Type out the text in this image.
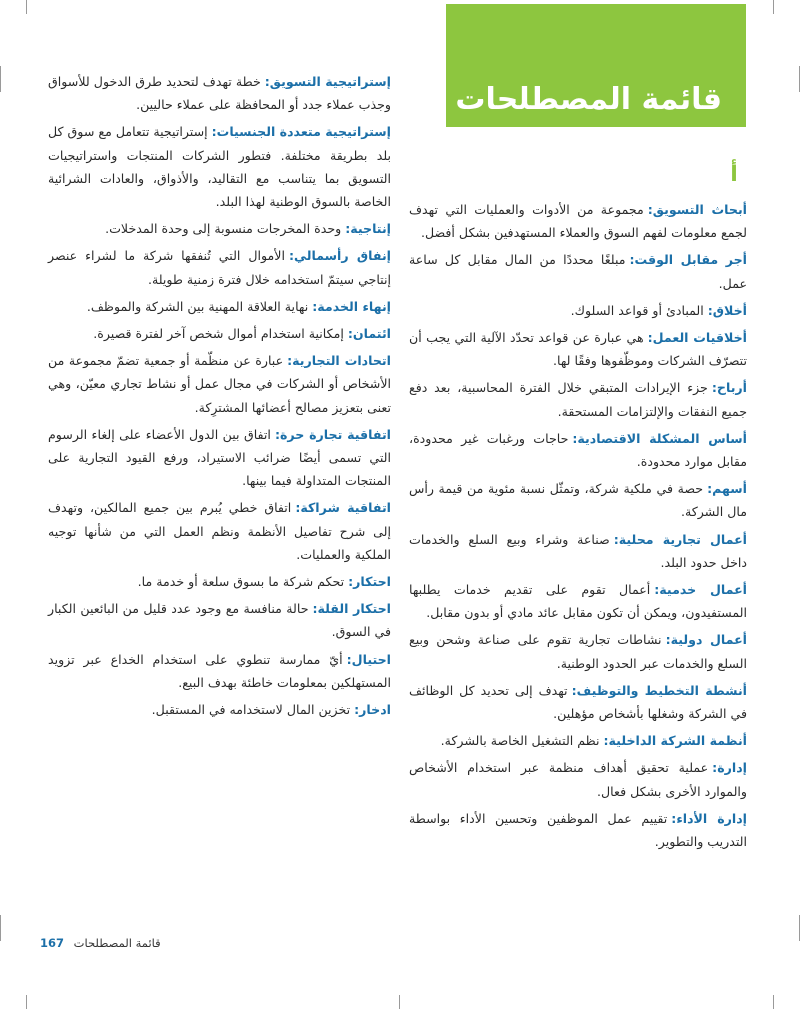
قائمة المصطلحات
أ
أبحاث التسويق:مجموعة من الأدوات والعمليات التي تهدف لجمع معلومات لفهم السوق والعملاء المستهدفين بشكل أفضل.
أجر مقابل الوقت:مبلغًا محددًا من المال مقابل كل ساعة عمل.
أخلاق:المبادئ أو قواعد السلوك.
أخلاقيات العمل:هي عبارة عن قواعد تحدّد الآلية التي يجب أن تتصرّف الشركات وموظّفوها وفقًا لها.
أرباح:جزء الإيرادات المتبقي خلال الفترة المحاسبية، بعد دفع جميع النفقات والإلتزامات المستحقة.
أساس المشكلة الاقتصادية:حاجات ورغبات غير محدودة، مقابل موارد محدودة.
أسهم:حصة في ملكية شركة، وتمثّل نسبة مئوية من قيمة رأس مال الشركة.
أعمال تجارية محلية:صناعة وشراء وبيع السلع والخدمات داخل حدود البلد.
أعمال خدمية:أعمال تقوم على تقديم خدمات يطلبها المستفيدون، ويمكن أن تكون مقابل عائد مادي أو بدون مقابل.
أعمال دولية:نشاطات تجارية تقوم على صناعة وشحن وبيع السلع والخدمات عبر الحدود الوطنية.
أنشطة التخطيط والتوظيف:تهدف إلى تحديد كل الوظائف في الشركة وشغلها بأشخاص مؤهلين.
أنظمة الشركة الداخلية:نظم التشغيل الخاصة بالشركة.
إدارة:عملية تحقيق أهداف منظمة عبر استخدام الأشخاص والموارد الأخرى بشكل فعال.
إدارة الأداء:تقييم عمل الموظفين وتحسين الأداء بواسطة التدريب والتطوير.
إستراتيجية التسويق:خطة تهدف لتحديد طرق الدخول للأسواق وجذب عملاء جدد أو المحافظة على عملاء حاليين.
إستراتيجية متعددة الجنسيات:إستراتيجية تتعامل مع سوق كل بلد بطريقة مختلفة. فتطور الشركات المنتجات واستراتيجيات التسويق بما يتناسب مع التقاليد، والأذواق، والعادات الشرائية الخاصة بالسوق الوطنية لهذا البلد.
إنتاجية:وحدة المخرجات منسوبة إلى وحدة المدخلات.
إنفاق رأسمالي:الأموال التي تُنفقها شركة ما لشراء عنصر إنتاجي سيتمّ استخدامه خلال فترة زمنية طويلة.
إنهاء الخدمة:نهاية العلاقة المهنية بين الشركة والموظف.
ائتمان:إمكانية استخدام أموال شخص آخر لفترة قصيرة.
اتحادات التجارية:عبارة عن منظّمة أو جمعية تضمّ مجموعة من الأشخاص أو الشركات في مجال عمل أو نشاط تجاري معيّن، وهي تعنى بتعزيز مصالح أعضائها المشترِكة.
اتفاقية تجارة حرة:اتفاق بين الدول الأعضاء على إلغاء الرسوم التي تسمى أيضًا ضرائب الاستيراد، ورفع القيود التجارية على المنتجات المتداولة فيما بينها.
اتفاقية شراكة:اتفاق خطي يُبرم بين جميع المالكين، وتهدف إلى شرح تفاصيل الأنظمة ونظم العمل التي من شأنها توجيه الملكية والعمليات.
احتكار:تحكم شركة ما بسوق سلعة أو خدمة ما.
احتكار القلة:حالة منافسة مع وجود عدد قليل من البائعين الكبار في السوق.
احتيال:أيّ ممارسة تنطوي على استخدام الخداع عبر تزويد المستهلكين بمعلومات خاطئة بهدف البيع.
ادخار:تخزين المال لاستخدامه في المستقبل.
قائمة المصطلحات 167
